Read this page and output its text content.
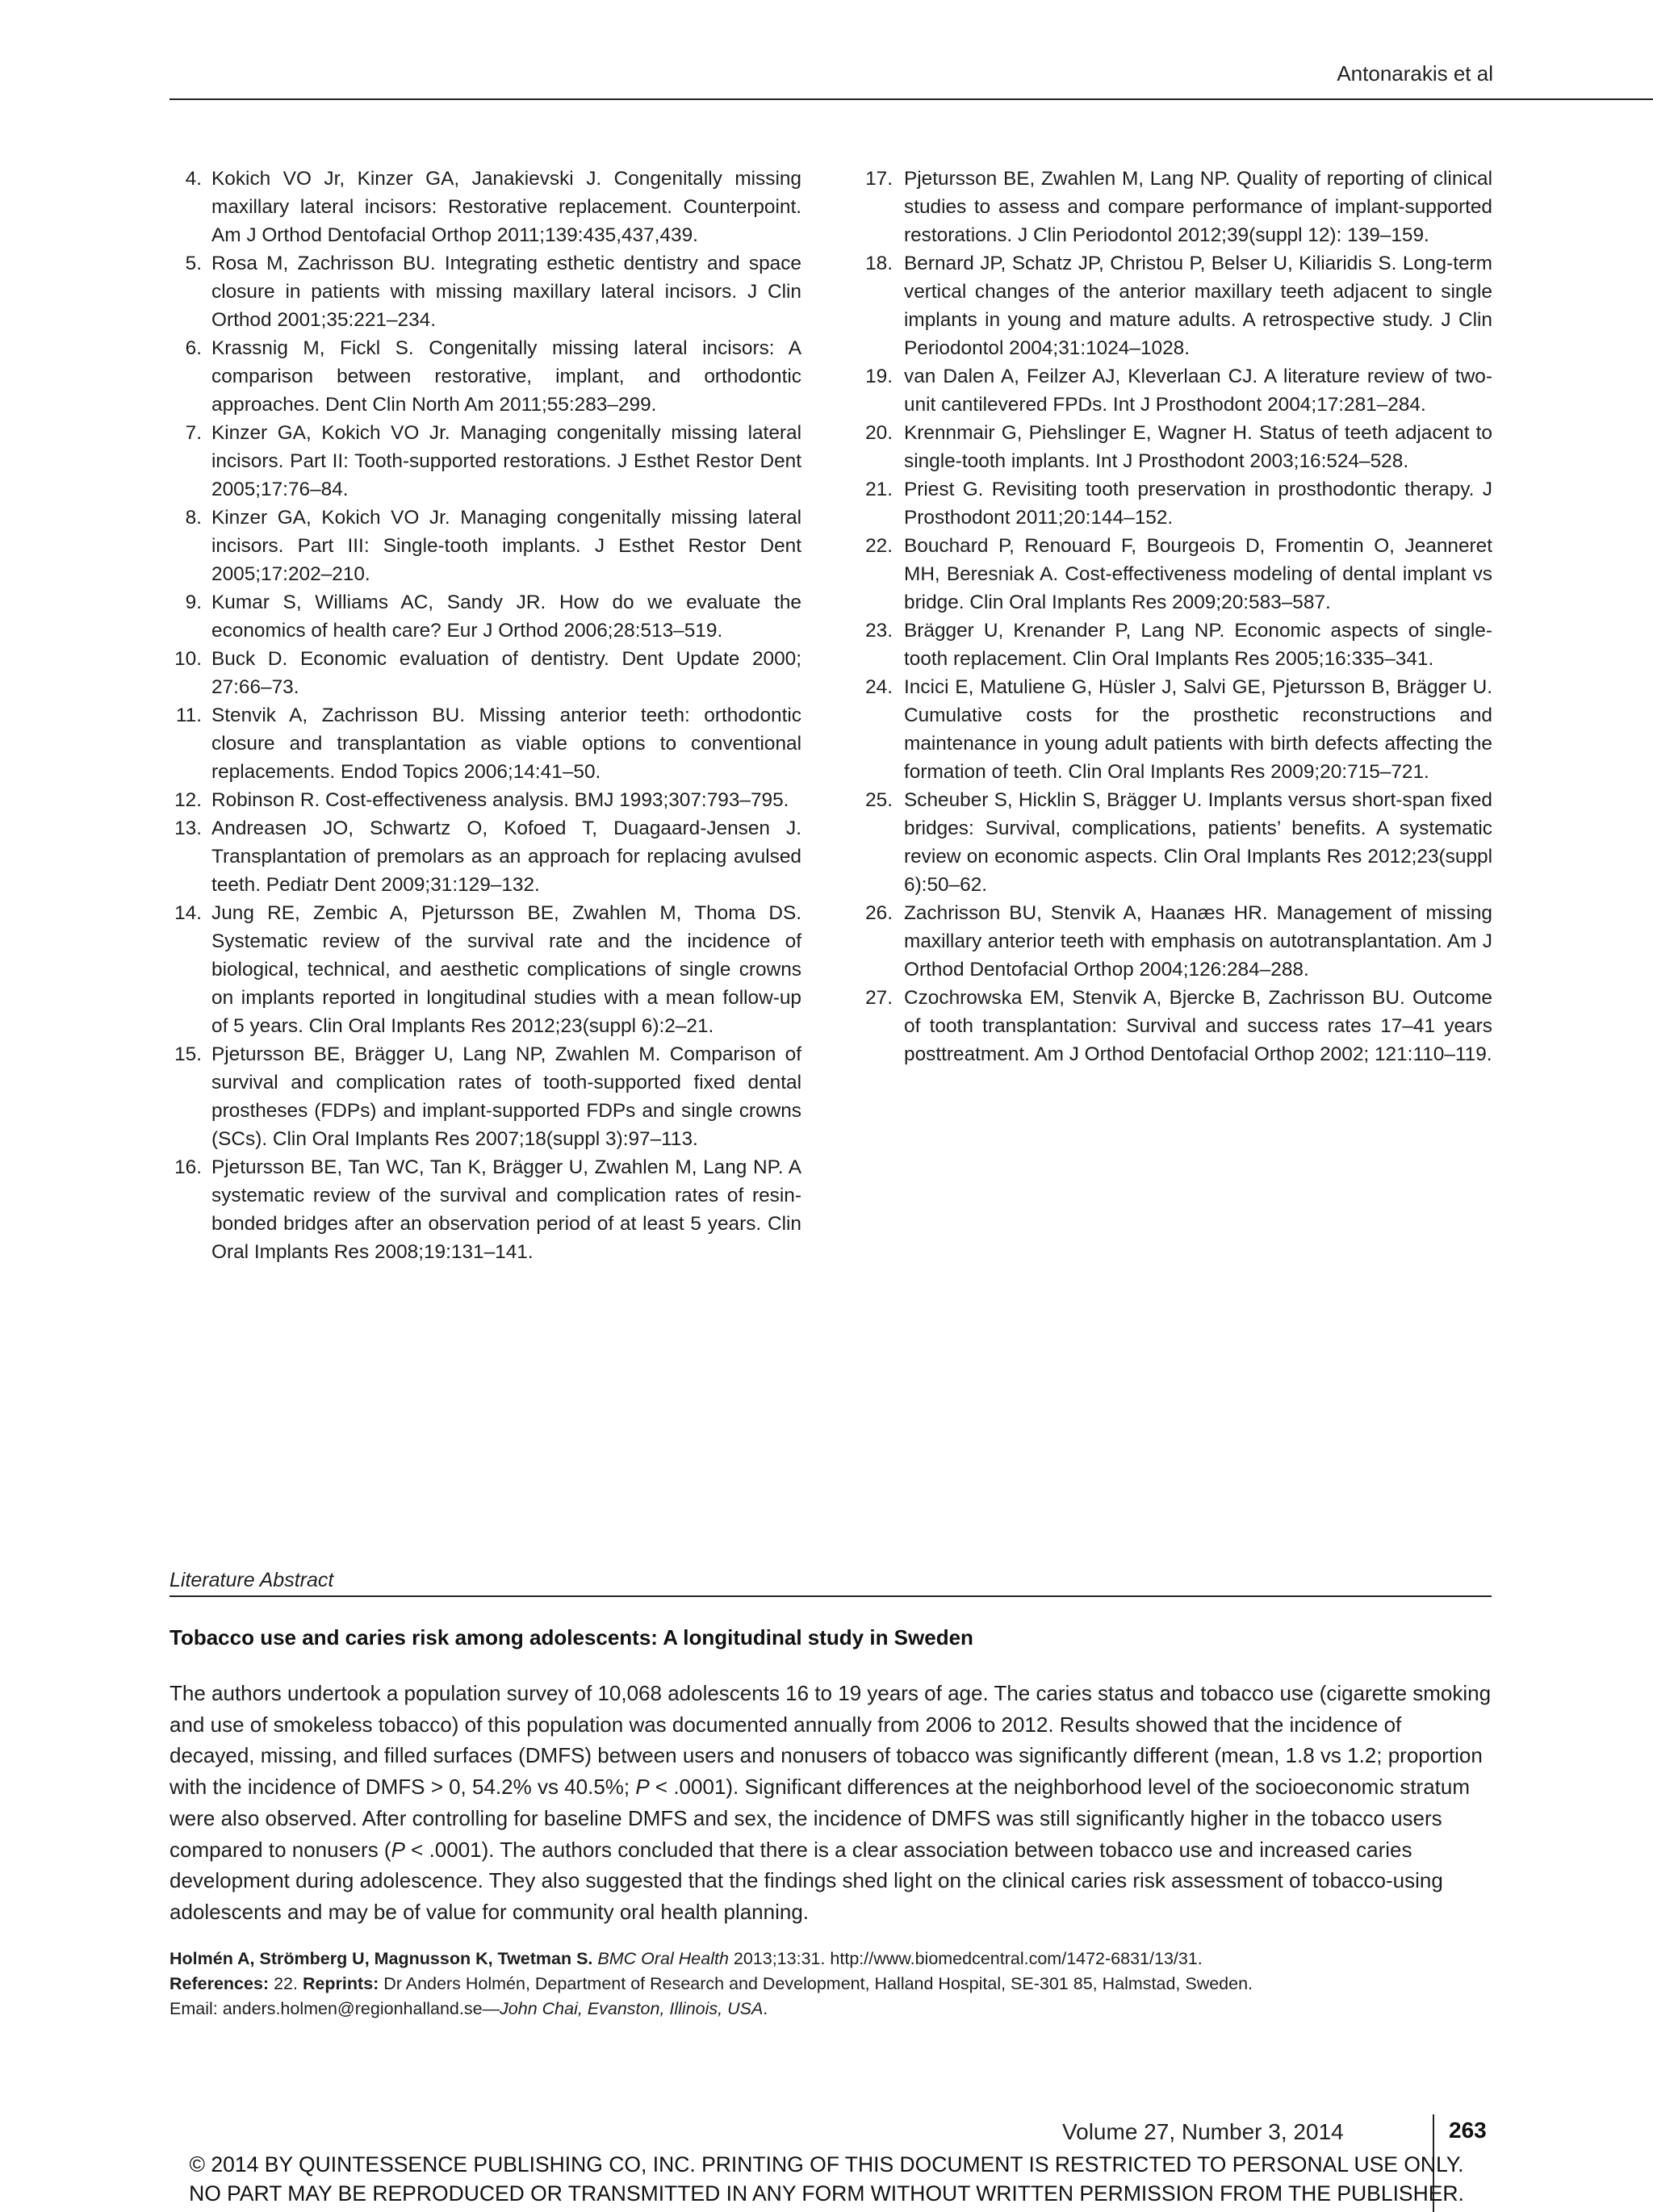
Antonarakis et al
4. Kokich VO Jr, Kinzer GA, Janakievski J. Congenitally missing maxillary lateral incisors: Restorative replacement. Counterpoint. Am J Orthod Dentofacial Orthop 2011;139:435,437,439.
5. Rosa M, Zachrisson BU. Integrating esthetic dentistry and space closure in patients with missing maxillary lateral incisors. J Clin Orthod 2001;35:221–234.
6. Krassnig M, Fickl S. Congenitally missing lateral incisors: A comparison between restorative, implant, and orthodontic approaches. Dent Clin North Am 2011;55:283–299.
7. Kinzer GA, Kokich VO Jr. Managing congenitally missing lateral incisors. Part II: Tooth-supported restorations. J Esthet Restor Dent 2005;17:76–84.
8. Kinzer GA, Kokich VO Jr. Managing congenitally missing lateral incisors. Part III: Single-tooth implants. J Esthet Restor Dent 2005;17:202–210.
9. Kumar S, Williams AC, Sandy JR. How do we evaluate the economics of health care? Eur J Orthod 2006;28:513–519.
10. Buck D. Economic evaluation of dentistry. Dent Update 2000; 27:66–73.
11. Stenvik A, Zachrisson BU. Missing anterior teeth: orthodontic closure and transplantation as viable options to conventional replacements. Endod Topics 2006;14:41–50.
12. Robinson R. Cost-effectiveness analysis. BMJ 1993;307:793–795.
13. Andreasen JO, Schwartz O, Kofoed T, Duagaard-Jensen J. Transplantation of premolars as an approach for replacing avulsed teeth. Pediatr Dent 2009;31:129–132.
14. Jung RE, Zembic A, Pjetursson BE, Zwahlen M, Thoma DS. Systematic review of the survival rate and the incidence of biological, technical, and aesthetic complications of single crowns on implants reported in longitudinal studies with a mean follow-up of 5 years. Clin Oral Implants Res 2012;23(suppl 6):2–21.
15. Pjetursson BE, Brägger U, Lang NP, Zwahlen M. Comparison of survival and complication rates of tooth-supported fixed dental prostheses (FDPs) and implant-supported FDPs and single crowns (SCs). Clin Oral Implants Res 2007;18(suppl 3):97–113.
16. Pjetursson BE, Tan WC, Tan K, Brägger U, Zwahlen M, Lang NP. A systematic review of the survival and complication rates of resin-bonded bridges after an observation period of at least 5 years. Clin Oral Implants Res 2008;19:131–141.
17. Pjetursson BE, Zwahlen M, Lang NP. Quality of reporting of clinical studies to assess and compare performance of implant-supported restorations. J Clin Periodontol 2012;39(suppl 12): 139–159.
18. Bernard JP, Schatz JP, Christou P, Belser U, Kiliaridis S. Long-term vertical changes of the anterior maxillary teeth adjacent to single implants in young and mature adults. A retrospective study. J Clin Periodontol 2004;31:1024–1028.
19. van Dalen A, Feilzer AJ, Kleverlaan CJ. A literature review of two-unit cantilevered FPDs. Int J Prosthodont 2004;17:281–284.
20. Krennmair G, Piehslinger E, Wagner H. Status of teeth adjacent to single-tooth implants. Int J Prosthodont 2003;16:524–528.
21. Priest G. Revisiting tooth preservation in prosthodontic therapy. J Prosthodont 2011;20:144–152.
22. Bouchard P, Renouard F, Bourgeois D, Fromentin O, Jeanneret MH, Beresniak A. Cost-effectiveness modeling of dental implant vs bridge. Clin Oral Implants Res 2009;20:583–587.
23. Brägger U, Krenander P, Lang NP. Economic aspects of single-tooth replacement. Clin Oral Implants Res 2005;16:335–341.
24. Incici E, Matuliene G, Hüsler J, Salvi GE, Pjetursson B, Brägger U. Cumulative costs for the prosthetic reconstructions and maintenance in young adult patients with birth defects affecting the formation of teeth. Clin Oral Implants Res 2009;20:715–721.
25. Scheuber S, Hicklin S, Brägger U. Implants versus short-span fixed bridges: Survival, complications, patients’ benefits. A systematic review on economic aspects. Clin Oral Implants Res 2012;23(suppl 6):50–62.
26. Zachrisson BU, Stenvik A, Haanæs HR. Management of missing maxillary anterior teeth with emphasis on autotransplantation. Am J Orthod Dentofacial Orthop 2004;126:284–288.
27. Czochrowska EM, Stenvik A, Bjercke B, Zachrisson BU. Outcome of tooth transplantation: Survival and success rates 17–41 years posttreatment. Am J Orthod Dentofacial Orthop 2002; 121:110–119.
Literature Abstract
Tobacco use and caries risk among adolescents: A longitudinal study in Sweden

The authors undertook a population survey of 10,068 adolescents 16 to 19 years of age. The caries status and tobacco use (cigarette smoking and use of smokeless tobacco) of this population was documented annually from 2006 to 2012. Results showed that the incidence of decayed, missing, and filled surfaces (DMFS) between users and nonusers of tobacco was significantly different (mean, 1.8 vs 1.2; proportion with the incidence of DMFS > 0, 54.2% vs 40.5%; P < .0001). Significant differences at the neighborhood level of the socioeconomic stratum were also observed. After controlling for baseline DMFS and sex, the incidence of DMFS was still significantly higher in the tobacco users compared to nonusers (P < .0001). The authors concluded that there is a clear association between tobacco use and increased caries development during adolescence. They also suggested that the findings shed light on the clinical caries risk assessment of tobacco-using adolescents and may be of value for community oral health planning.

Holmén A, Strömberg U, Magnusson K, Twetman S. BMC Oral Health 2013;13:31. http://www.biomedcentral.com/1472-6831/13/31.
References: 22. Reprints: Dr Anders Holmén, Department of Research and Development, Halland Hospital, SE-301 85, Halmstad, Sweden.
Email: anders.holmen@regionhalland.se—John Chai, Evanston, Illinois, USA.
Volume 27, Number 3, 2014	263
© 2014 BY QUINTESSENCE PUBLISHING CO, INC. PRINTING OF THIS DOCUMENT IS RESTRICTED TO PERSONAL USE ONLY.
NO PART MAY BE REPRODUCED OR TRANSMITTED IN ANY FORM WITHOUT WRITTEN PERMISSION FROM THE PUBLISHER.
